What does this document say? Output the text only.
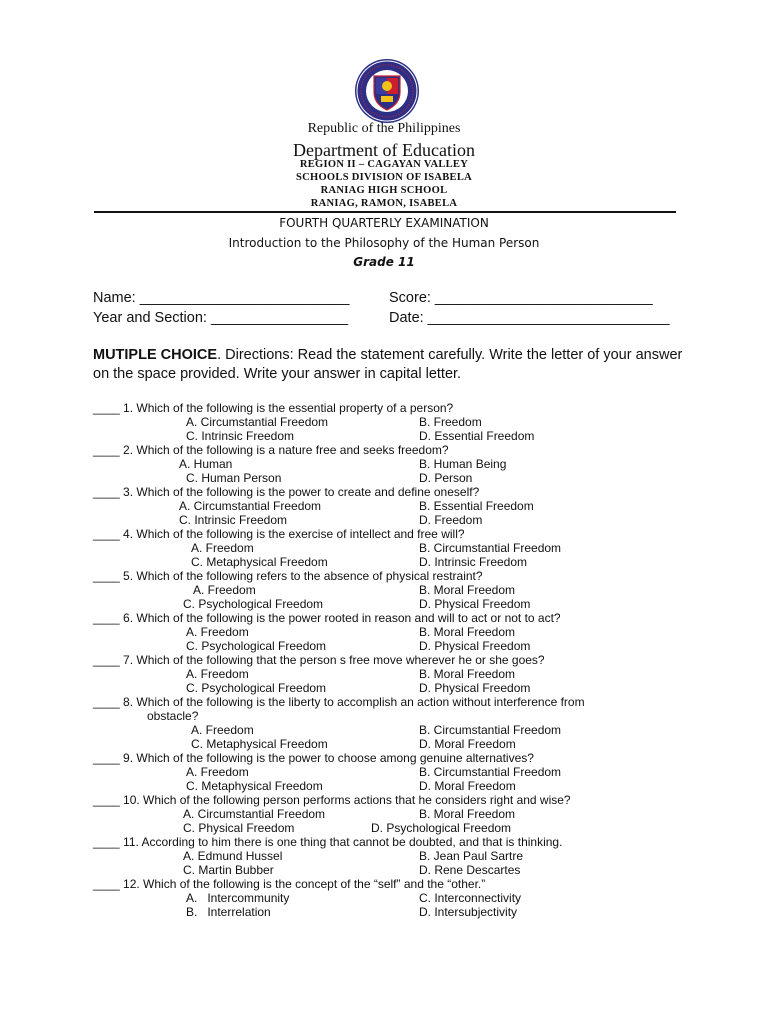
Republic of the Philippines
Department of Education
REGION II – CAGAYAN VALLEY
SCHOOLS DIVISION OF ISABELA
RANIAG HIGH SCHOOL
RANIAG, RAMON, ISABELA
FOURTH QUARTERLY EXAMINATION
Introduction to the Philosophy of the Human Person
Grade 11
Name: __________________________	Score: ___________________________
Year and Section: _________________	Date: ______________________________
MUTIPLE CHOICE. Directions: Read the statement carefully. Write the letter of your answer on the space provided. Write your answer in capital letter.
____ 1. Which of the following is the essential property of a person?
A. Circumstantial Freedom	B. Freedom
C. Intrinsic Freedom	D. Essential Freedom
____ 2. Which of the following is a nature free and seeks freedom?
A. Human	B. Human Being
C. Human Person	D. Person
____ 3. Which of the following is the power to create and define oneself?
A. Circumstantial Freedom	B. Essential Freedom
C. Intrinsic Freedom	D. Freedom
____ 4. Which of the following is the exercise of intellect and free will?
A. Freedom	B. Circumstantial Freedom
C. Metaphysical Freedom	D. Intrinsic Freedom
____ 5. Which of the following refers to the absence of physical restraint?
A. Freedom	B. Moral Freedom
C. Psychological Freedom	D. Physical Freedom
____ 6. Which of the following is the power rooted in reason and will to act or not to act?
A. Freedom	B. Moral Freedom
C. Psychological Freedom	D. Physical Freedom
____ 7. Which of the following that the person s free move wherever he or she goes?
A. Freedom	B. Moral Freedom
C. Psychological Freedom	D. Physical Freedom
____ 8. Which of the following is the liberty to accomplish an action without interference from
obstacle?
A. Freedom	B. Circumstantial Freedom
C. Metaphysical Freedom	D. Moral Freedom
____ 9. Which of the following is the power to choose among genuine alternatives?
A. Freedom	B. Circumstantial Freedom
C. Metaphysical Freedom	D. Moral Freedom
____ 10. Which of the following person performs actions that he considers right and wise?
A. Circumstantial Freedom	B. Moral Freedom
C. Physical Freedom	D. Psychological Freedom
____ 11. According to him there is one thing that cannot be doubted, and that is thinking.
A. Edmund Hussel	B. Jean Paul Sartre
C. Martin Bubber	D. Rene Descartes
____ 12. Which of the following is the concept of the “self” and the “other.”
A.   Intercommunity	C. Interconnectivity
B.   Interrelation	D. Intersubjectivity
